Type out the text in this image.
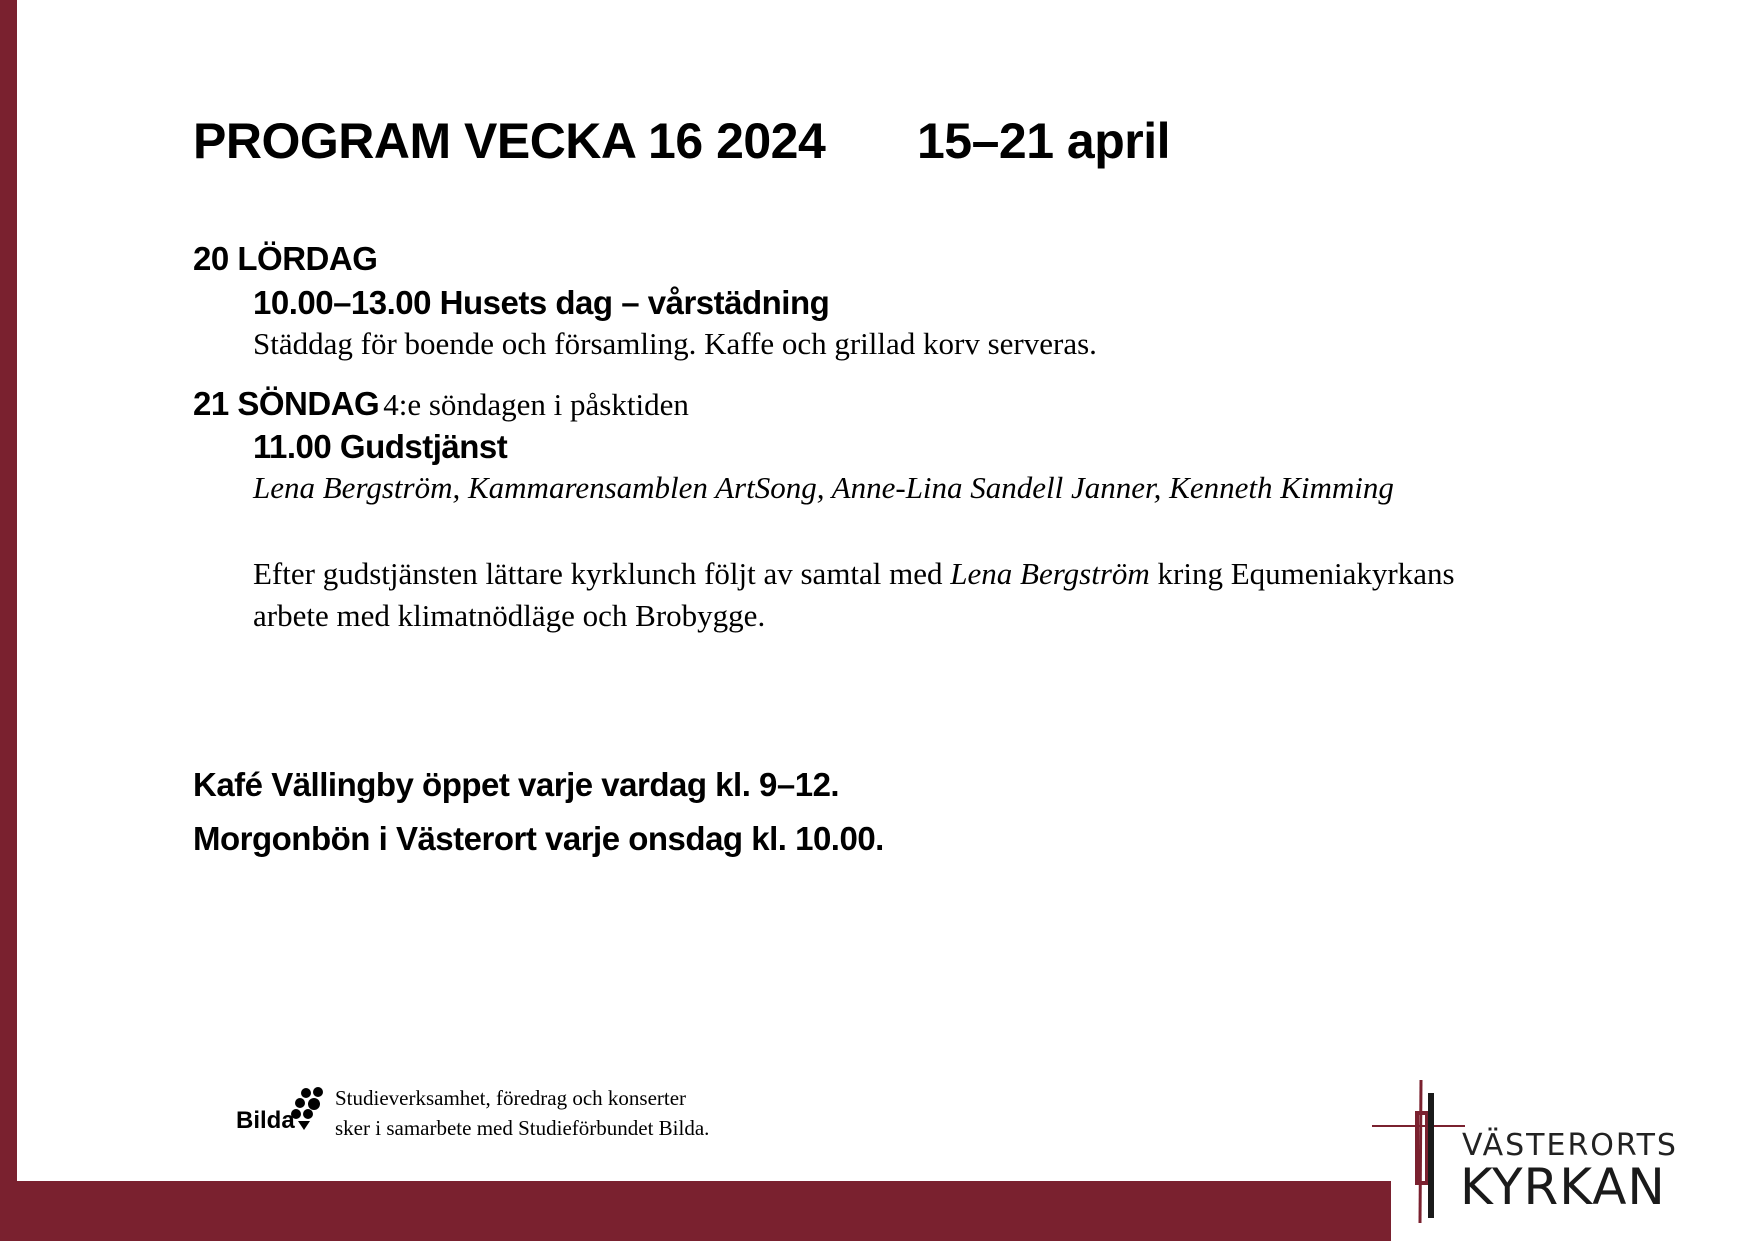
PROGRAM VECKA 16 2024 15–21 april
20 LÖRDAG
10.00–13.00 Husets dag – vårstädning
Städdag för boende och församling. Kaffe och grillad korv serveras.
21 SÖNDAG 4:e söndagen i påsktiden
11.00 Gudstjänst
Lena Bergström, Kammarensamblen ArtSong, Anne-Lina Sandell Janner, Kenneth Kimming
Efter gudstjänsten lättare kyrklunch följt av samtal med Lena Bergström kring Equmeniakyrkans
arbete med klimatnödläge och Brobygge.
Kafé Vällingby öppet varje vardag kl. 9–12.
Morgonbön i Västerort varje onsdag kl. 10.00.
Bilda
Studieverksamhet, föredrag och konserter
sker i samarbete med Studieförbundet Bilda.	VÄSTERORTS
KYRKAN
